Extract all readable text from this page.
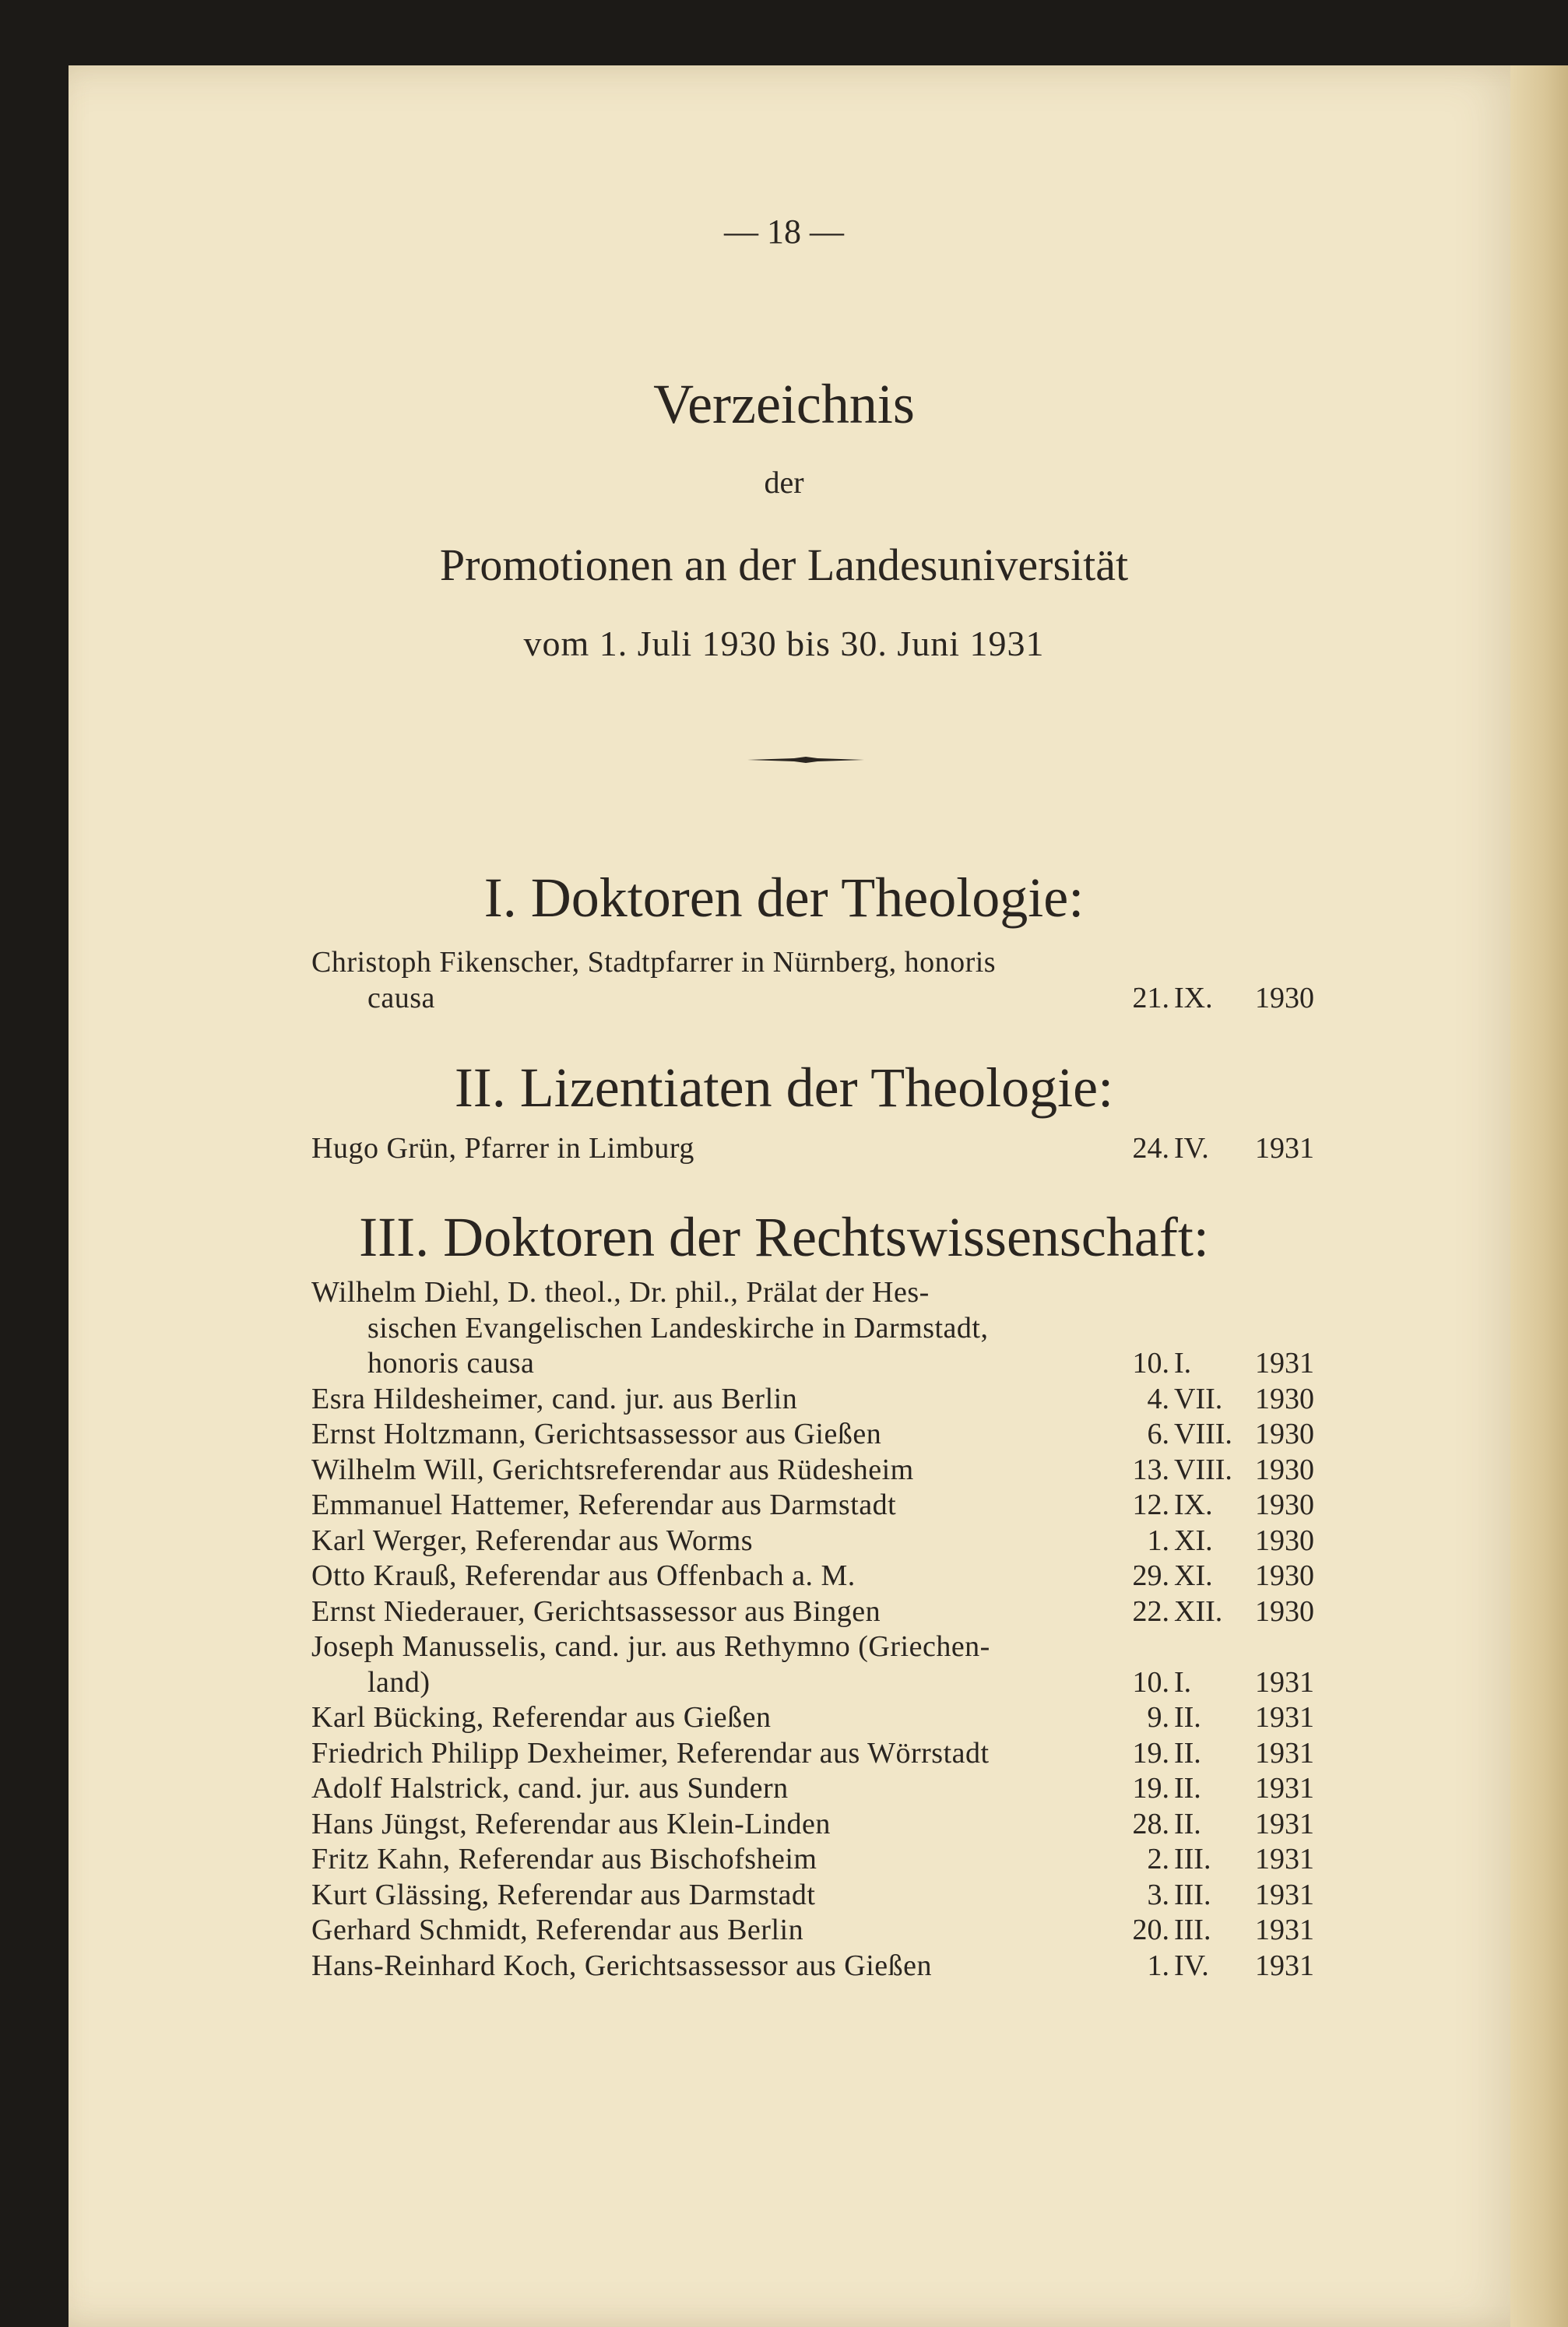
— 18 —
Verzeichnis
der
Promotionen an der Landesuniversität
vom 1. Juli 1930 bis 30. Juni 1931
I. Doktoren der Theologie:
Christoph Fikenscher, Stadtpfarrer in Nürnberg, honoris
causa	21. IX. 1930
II. Lizentiaten der Theologie:
Hugo Grün, Pfarrer in Limburg	24. IV. 1931
III. Doktoren der Rechtswissenschaft:
Wilhelm Diehl, D. theol., Dr. phil., Prälat der Hes-
sischen Evangelischen Landeskirche in Darmstadt,
honoris causa	10. I. 1931
Esra Hildesheimer, cand. jur. aus Berlin	4. VII. 1930
Ernst Holtzmann, Gerichtsassessor aus Gießen	6. VIII. 1930
Wilhelm Will, Gerichtsreferendar aus Rüdesheim	13. VIII. 1930
Emmanuel Hattemer, Referendar aus Darmstadt	12. IX. 1930
Karl Werger, Referendar aus Worms	1. XI. 1930
Otto Krauß, Referendar aus Offenbach a. M.	29. XI. 1930
Ernst Niederauer, Gerichtsassessor aus Bingen	22. XII. 1930
Joseph Manusselis, cand. jur. aus Rethymno (Griechen-
land)	10. I. 1931
Karl Bücking, Referendar aus Gießen	9. II. 1931
Friedrich Philipp Dexheimer, Referendar aus Wörrstadt	19. II. 1931
Adolf Halstrick, cand. jur. aus Sundern	19. II. 1931
Hans Jüngst, Referendar aus Klein-Linden	28. II. 1931
Fritz Kahn, Referendar aus Bischofsheim	2. III. 1931
Kurt Glässing, Referendar aus Darmstadt	3. III. 1931
Gerhard Schmidt, Referendar aus Berlin	20. III. 1931
Hans-Reinhard Koch, Gerichtsassessor aus Gießen	1. IV. 1931
